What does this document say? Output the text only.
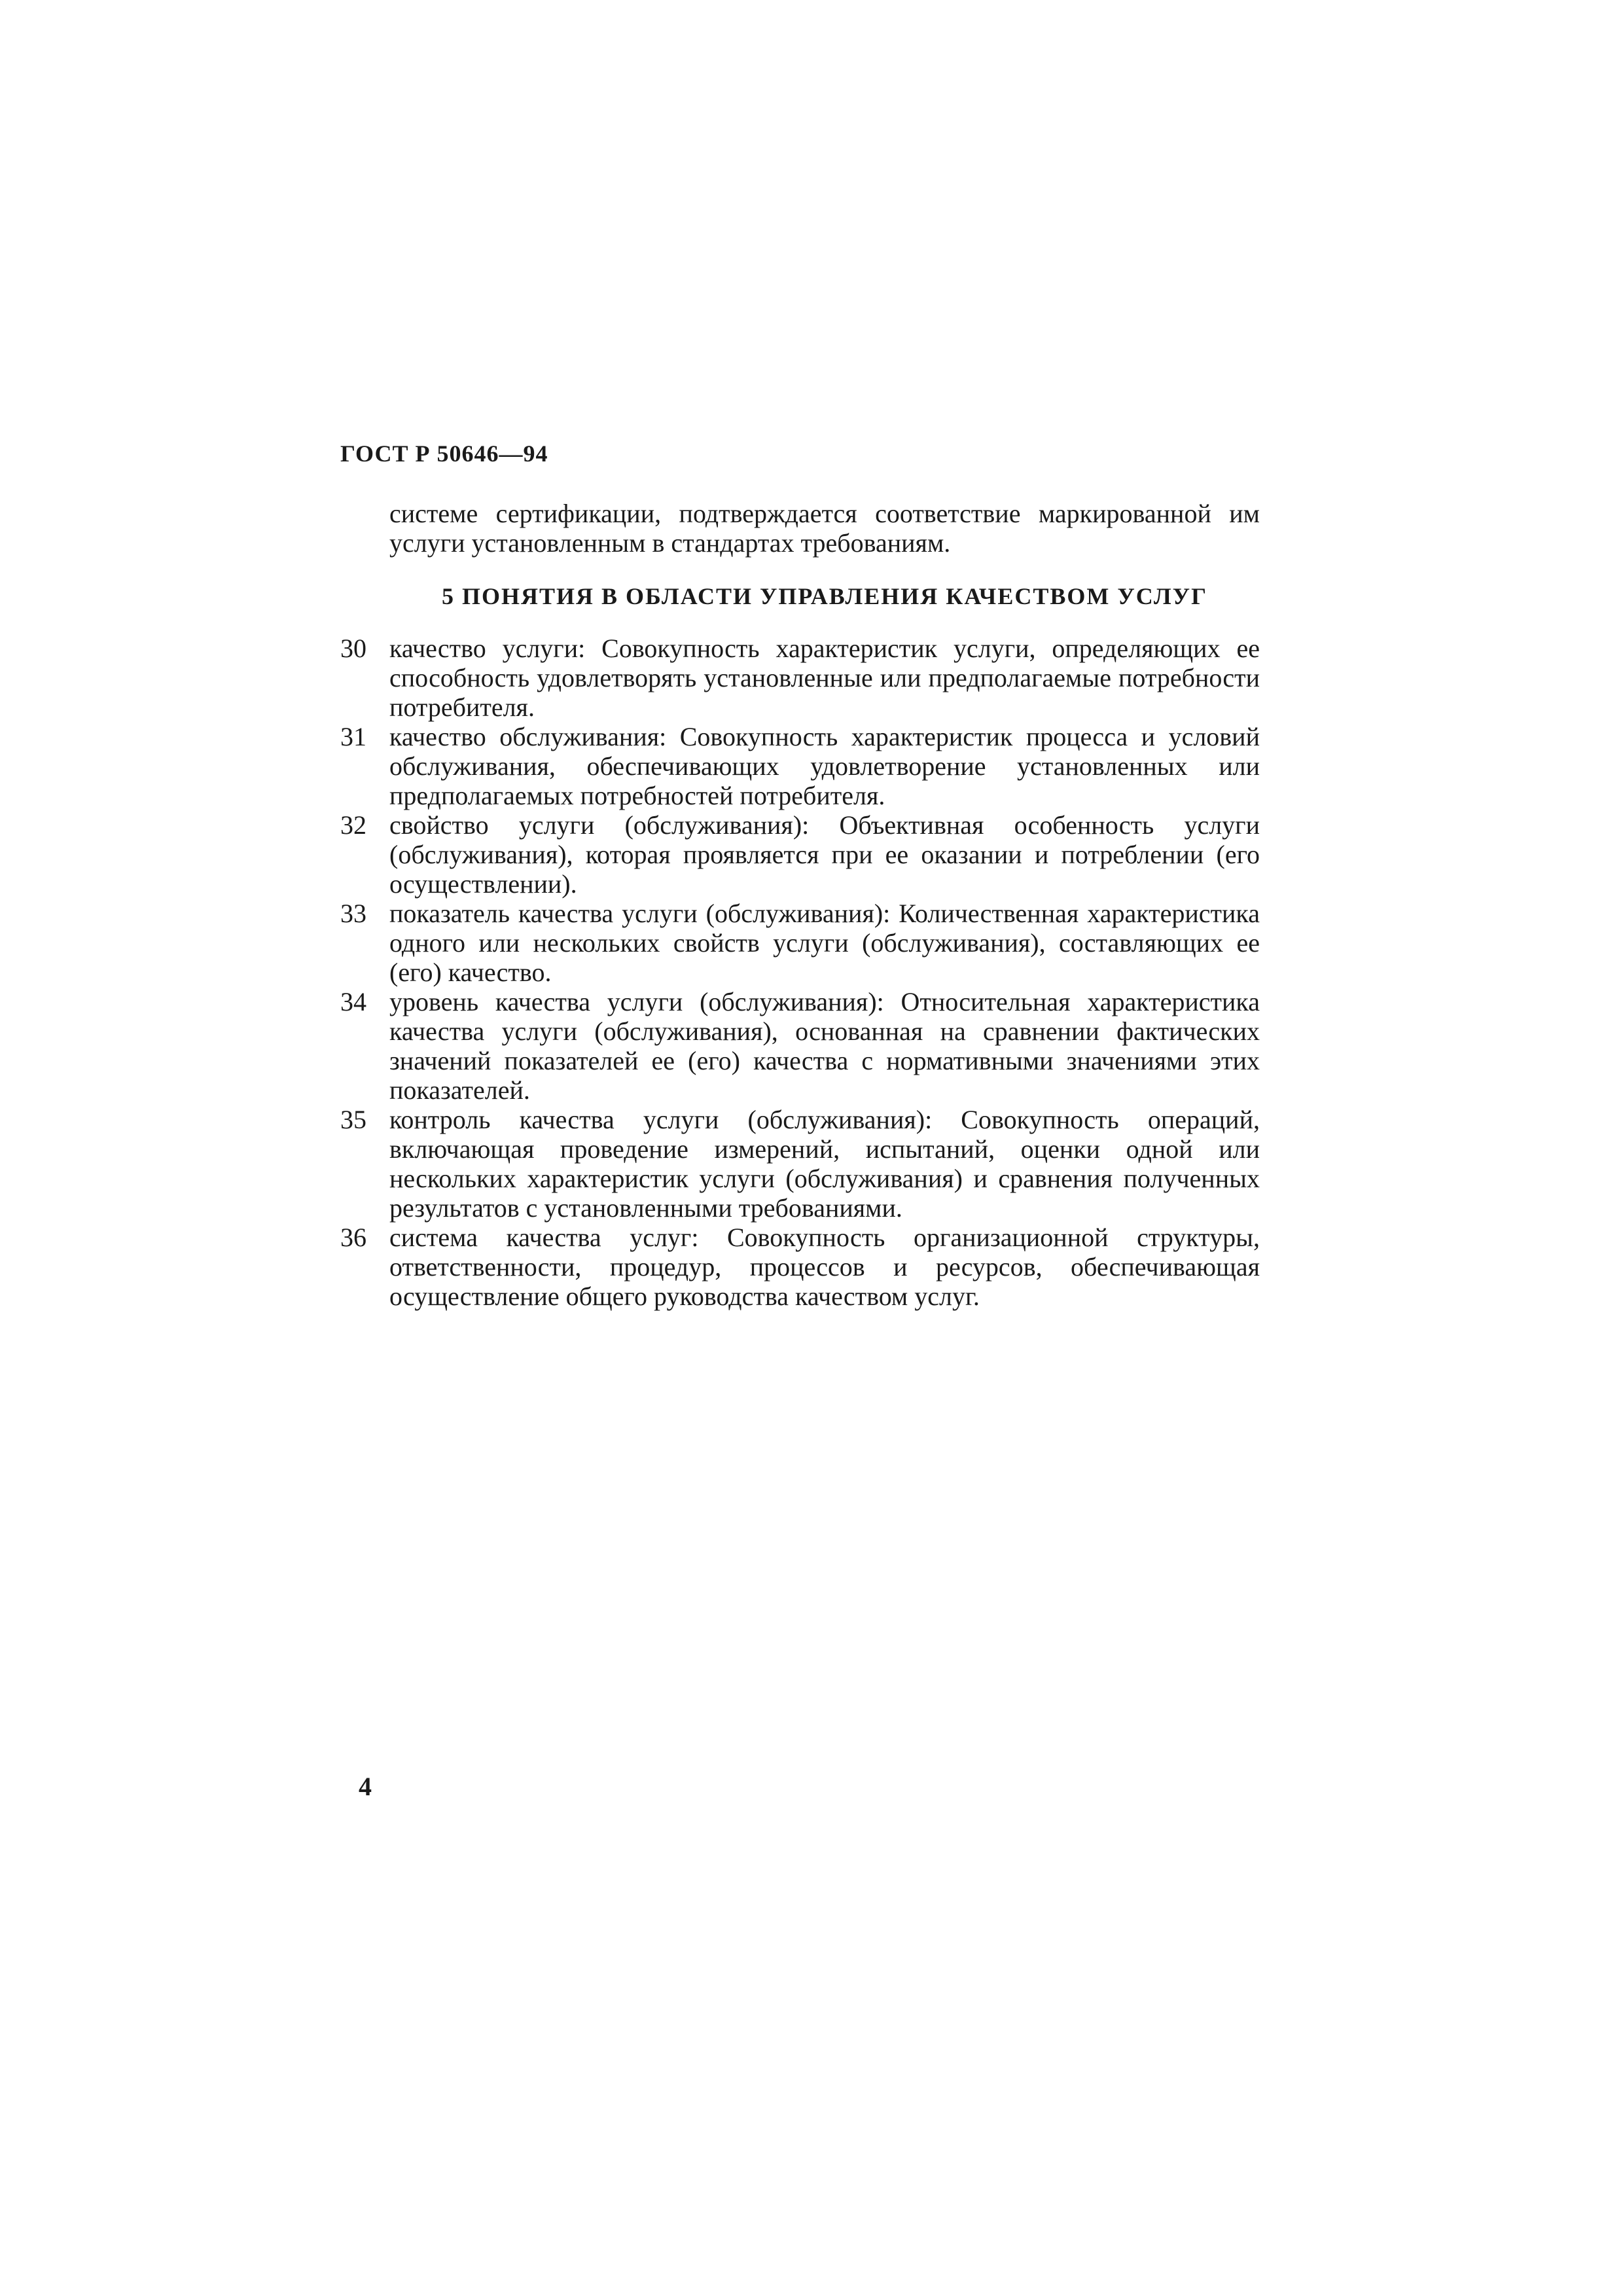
ГОСТ Р 50646—94
системе сертификации, подтверждается соответствие маркированной им услуги установленным в стандартах требованиям.
5 ПОНЯТИЯ В ОБЛАСТИ УПРАВЛЕНИЯ КАЧЕСТВОМ УСЛУГ
30 качество услуги: Совокупность характеристик услуги, определяющих ее способность удовлетворять установленные или предполагаемые потребности потребителя.
31 качество обслуживания: Совокупность характеристик процесса и условий обслуживания, обеспечивающих удовлетворение установленных или предполагаемых потребностей потребителя.
32 свойство услуги (обслуживания): Объективная особенность услуги (обслуживания), которая проявляется при ее оказании и потреблении (его осуществлении).
33 показатель качества услуги (обслуживания): Количественная характеристика одного или нескольких свойств услуги (обслуживания), составляющих ее (его) качество.
34 уровень качества услуги (обслуживания): Относительная характеристика качества услуги (обслуживания), основанная на сравнении фактических значений показателей ее (его) качества с нормативными значениями этих показателей.
35 контроль качества услуги (обслуживания): Совокупность операций, включающая проведение измерений, испытаний, оценки одной или нескольких характеристик услуги (обслуживания) и сравнения полученных результатов с установленными требованиями.
36 система качества услуг: Совокупность организационной структуры, ответственности, процедур, процессов и ресурсов, обеспечивающая осуществление общего руководства качеством услуг.
4
